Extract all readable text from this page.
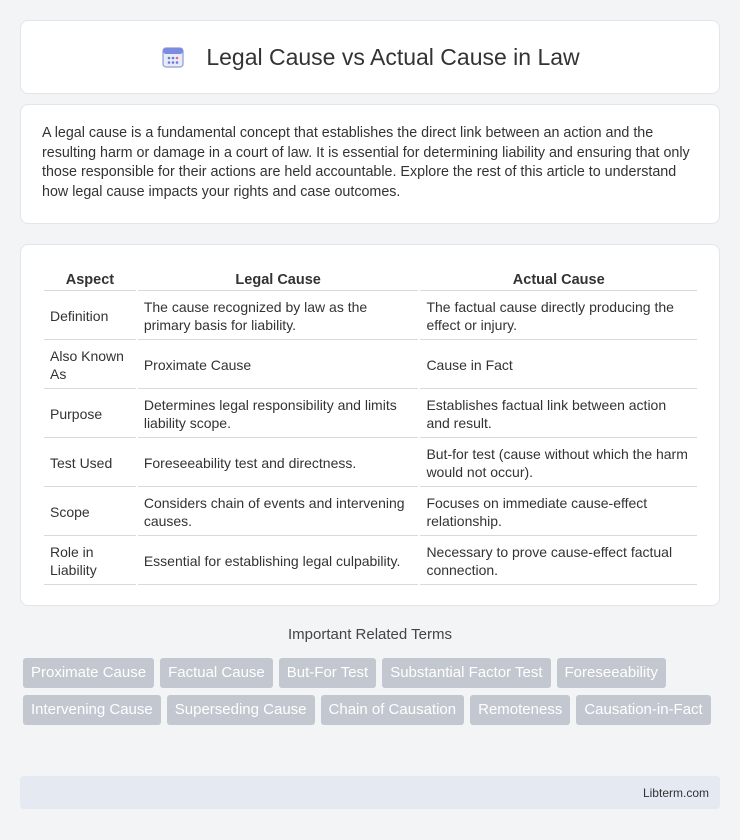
Legal Cause vs Actual Cause in Law

A legal cause is a fundamental concept that establishes the direct link between an action and the resulting harm or damage in a court of law. It is essential for determining liability and ensuring that only those responsible for their actions are held accountable. Explore the rest of this article to understand how legal cause impacts your rights and case outcomes.

Aspect	Legal Cause	Actual Cause
Definition	The cause recognized by law as the primary basis for liability.	The factual cause directly producing the effect or injury.
Also Known As	Proximate Cause	Cause in Fact
Purpose	Determines legal responsibility and limits liability scope.	Establishes factual link between action and result.
Test Used	Foreseeability test and directness.	But-for test (cause without which the harm would not occur).
Scope	Considers chain of events and intervening causes.	Focuses on immediate cause-effect relationship.
Role in Liability	Essential for establishing legal culpability.	Necessary to prove cause-effect factual connection.
Important Related Terms
Proximate Cause	Factual Cause	But-For Test	Substantial Factor Test	Foreseeability
Intervening Cause	Superseding Cause	Chain of Causation	Remoteness	Causation-in-Fact
Libterm.com
